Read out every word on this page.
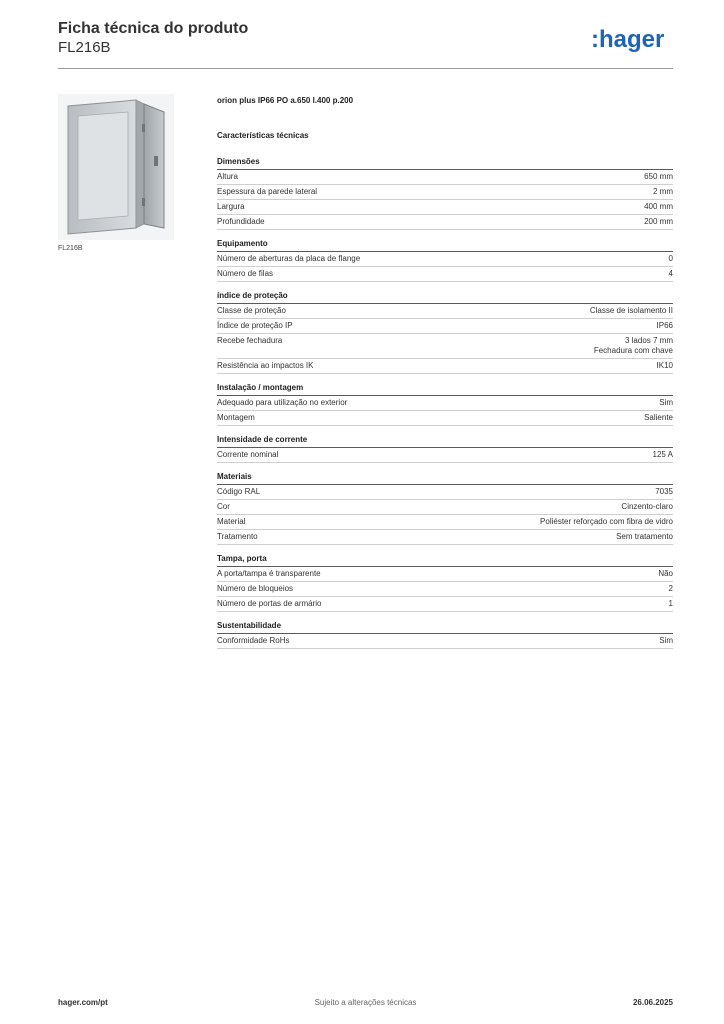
Ficha técnica do produto
FL216B	:hager
FL216B
orion plus IP66 PO a.650 l.400 p.200
Características técnicas
Dimensões
Altura	650 mm
Espessura da parede lateral	2 mm
Largura	400 mm
Profundidade	200 mm
Equipamento
Número de aberturas da placa de flange	0
Número de filas	4
índice de proteção
Classe de proteção	Classe de isolamento II
Índice de proteção IP	IP66
Recebe fechadura	3 lados 7 mm
Fechadura com chave
Resistência ao impactos IK	IK10
Instalação / montagem
Adequado para utilização no exterior	Sim
Montagem	Saliente
Intensidade de corrente
Corrente nominal	125 A
Materiais
Código RAL	7035
Cor	Cinzento-claro
Material	Poliéster reforçado com fibra de vidro
Tratamento	Sem tratamento
Tampa, porta
A porta/tampa é transparente	Não
Número de bloqueios	2
Número de portas de armário	1
Sustentabilidade
Conformidade RoHs	Sim
hager.com/pt	Sujeito a alterações técnicas	26.06.2025
